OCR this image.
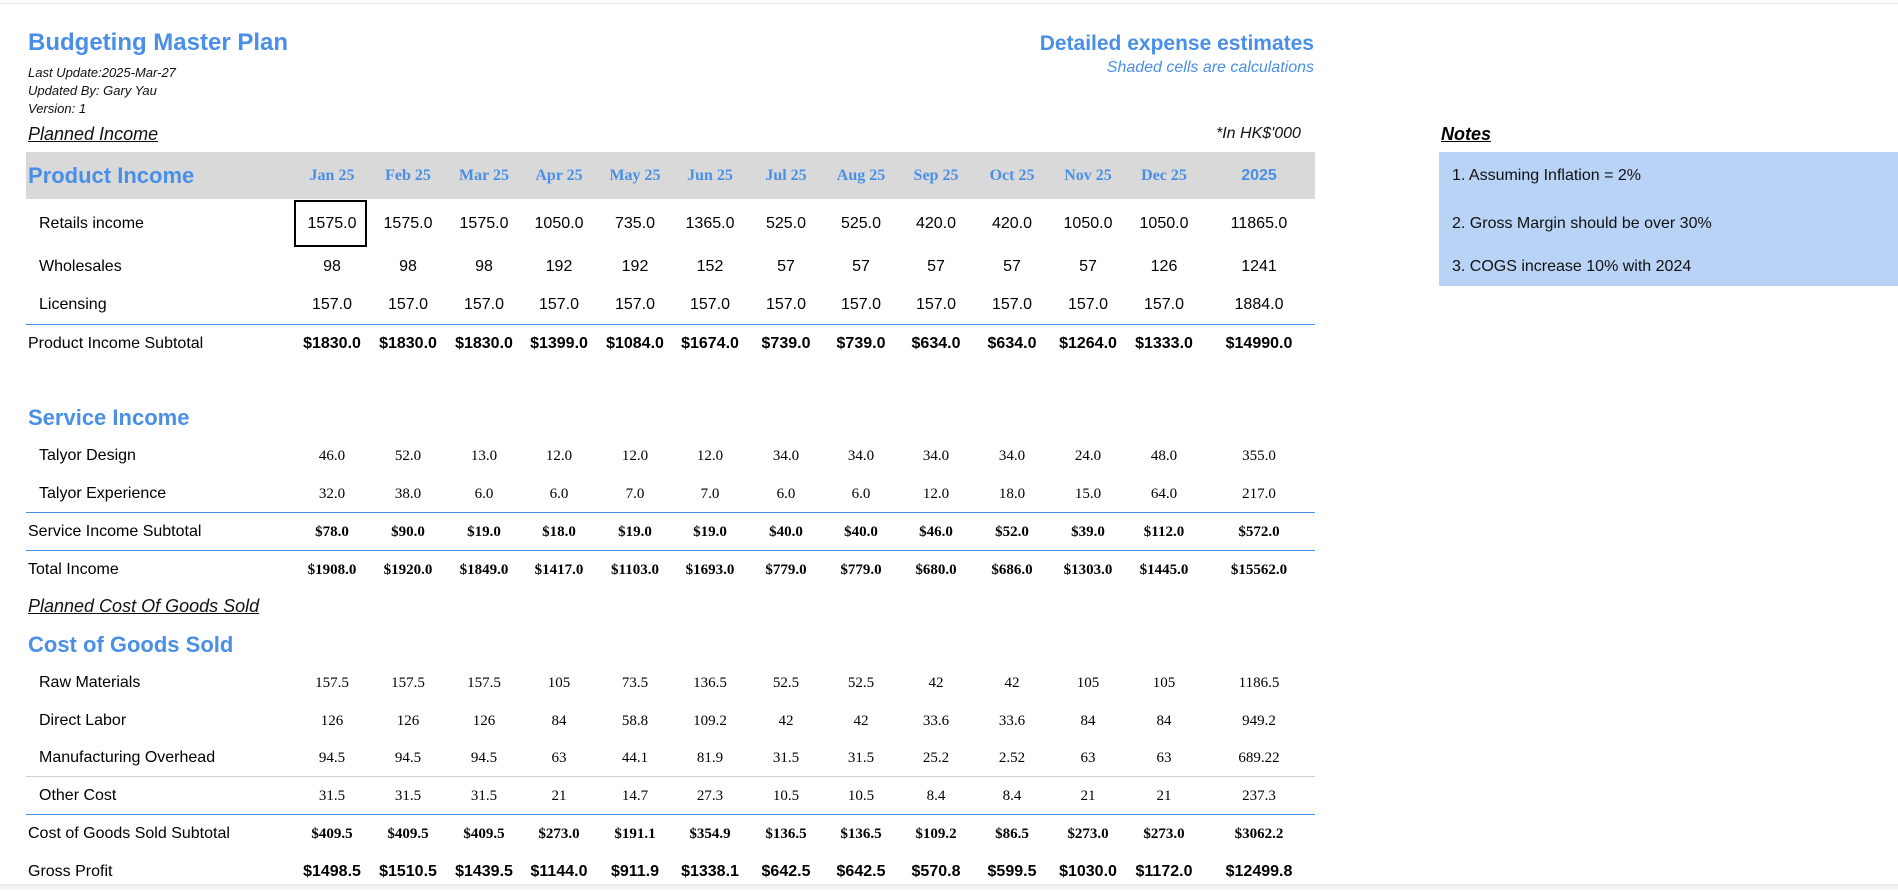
Budgeting Master Plan
Last Update:2025-Mar-27
Updated By: Gary Yau
Version: 1
Detailed expense estimates
Shaded cells are calculations
Planned Income	*In HK$'000
Product Income	Jan 25	Feb 25	Mar 25	Apr 25	May 25	Jun 25	Jul 25	Aug 25	Sep 25	Oct 25	Nov 25	Dec 25	2025
Service Income
Planned Cost Of Goods Sold
Cost of Goods Sold
Retails income	1575.0	1575.0	1575.0	1050.0	735.0	1365.0	525.0	525.0	420.0	420.0	1050.0	1050.0	11865.0
Wholesales	98	98	98	192	192	152	57	57	57	57	57	126	1241
Licensing	157.0	157.0	157.0	157.0	157.0	157.0	157.0	157.0	157.0	157.0	157.0	157.0	1884.0
Product Income Subtotal	$1830.0	$1830.0	$1830.0	$1399.0	$1084.0	$1674.0	$739.0	$739.0	$634.0	$634.0	$1264.0	$1333.0	$14990.0
Talyor Design	46.0	52.0	13.0	12.0	12.0	12.0	34.0	34.0	34.0	34.0	24.0	48.0	355.0
Talyor Experience	32.0	38.0	6.0	6.0	7.0	7.0	6.0	6.0	12.0	18.0	15.0	64.0	217.0
Service Income Subtotal	$78.0	$90.0	$19.0	$18.0	$19.0	$19.0	$40.0	$40.0	$46.0	$52.0	$39.0	$112.0	$572.0
Total Income	$1908.0	$1920.0	$1849.0	$1417.0	$1103.0	$1693.0	$779.0	$779.0	$680.0	$686.0	$1303.0	$1445.0	$15562.0
Raw Materials	157.5	157.5	157.5	105	73.5	136.5	52.5	52.5	42	42	105	105	1186.5
Direct Labor	126	126	126	84	58.8	109.2	42	42	33.6	33.6	84	84	949.2
Manufacturing Overhead	94.5	94.5	94.5	63	44.1	81.9	31.5	31.5	25.2	2.52	63	63	689.22
Other Cost	31.5	31.5	31.5	21	14.7	27.3	10.5	10.5	8.4	8.4	21	21	237.3
Cost of Goods Sold Subtotal	$409.5	$409.5	$409.5	$273.0	$191.1	$354.9	$136.5	$136.5	$109.2	$86.5	$273.0	$273.0	$3062.2
Gross Profit	$1498.5	$1510.5	$1439.5	$1144.0	$911.9	$1338.1	$642.5	$642.5	$570.8	$599.5	$1030.0	$1172.0	$12499.8
Notes
1. Assuming Inflation = 2%
2. Gross Margin should be over 30%
3. COGS increase 10% with 2024
